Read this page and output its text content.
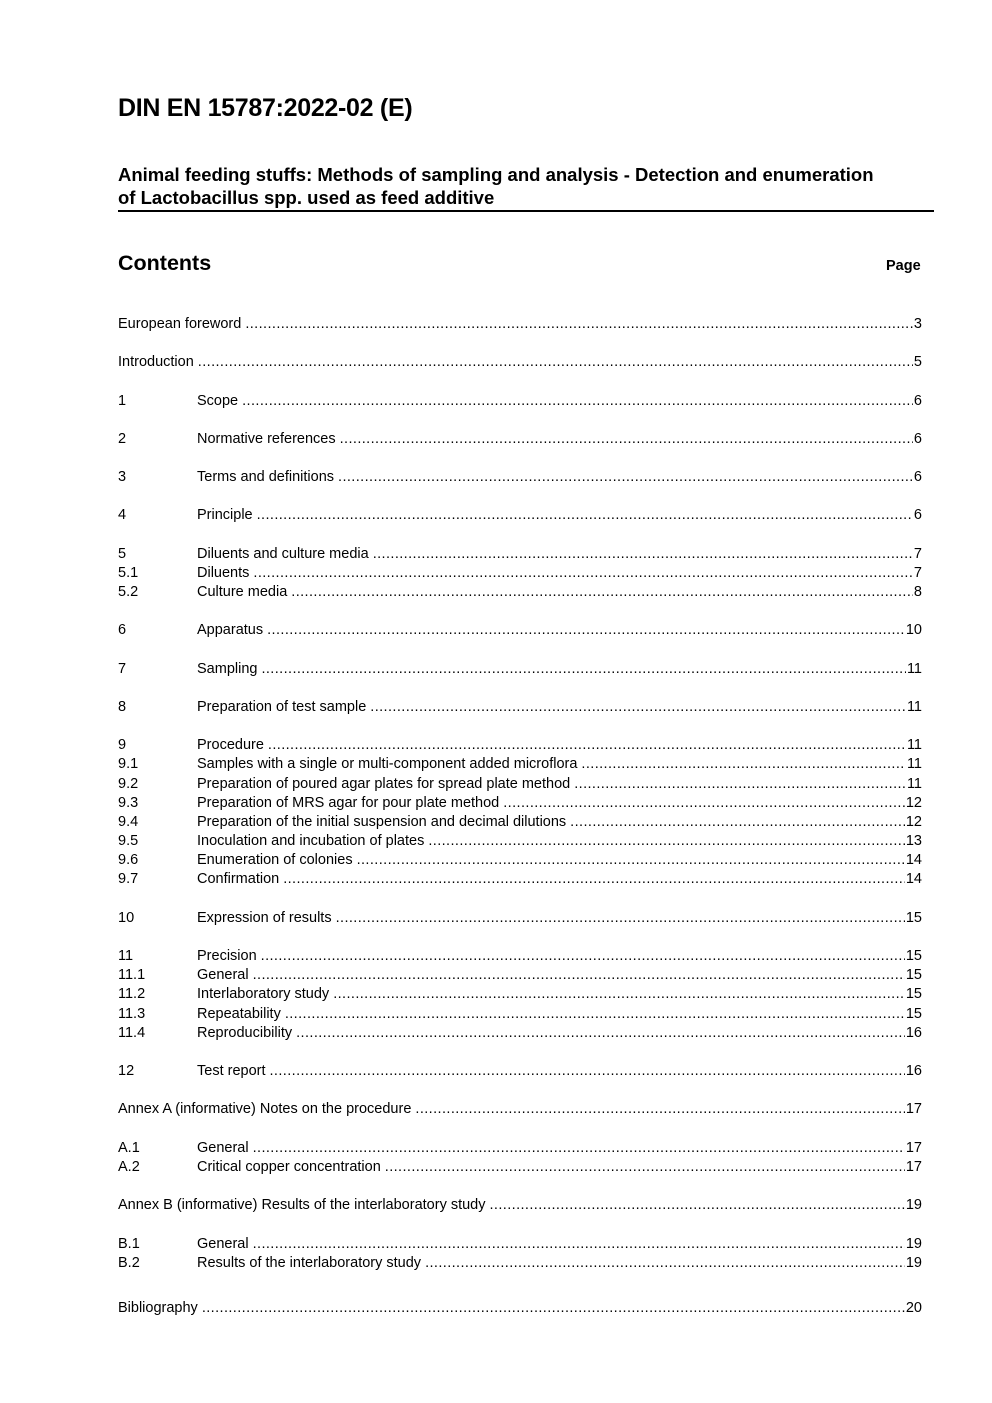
DIN EN 15787:2022-02 (E)
Animal feeding stuffs: Methods of sampling and analysis - Detection and enumeration
of Lactobacillus spp. used as feed additive
Contents	Page
European foreword .....	3
Introduction .....	5
1	Scope .....	6
2	Normative references .....	6
3	Terms and definitions .....	6
4	Principle .....	6
5	Diluents and culture media .....	7
5.1	Diluents .....	7
5.2	Culture media .....	8
6	Apparatus .....	10
7	Sampling .....	11
8	Preparation of test sample .....	11
9	Procedure .....	11
9.1	Samples with a single or multi-component added microflora .....	11
9.2	Preparation of poured agar plates for spread plate method .....	11
9.3	Preparation of MRS agar for pour plate method .....	12
9.4	Preparation of the initial suspension and decimal dilutions .....	12
9.5	Inoculation and incubation of plates .....	13
9.6	Enumeration of colonies .....	14
9.7	Confirmation .....	14
10	Expression of results .....	15
11	Precision .....	15
11.1	General .....	15
11.2	Interlaboratory study .....	15
11.3	Repeatability .....	15
11.4	Reproducibility .....	16
12	Test report .....	16
Annex A (informative) Notes on the procedure .....	17
A.1	General .....	17
A.2	Critical copper concentration .....	17
Annex B (informative) Results of the interlaboratory study .....	19
B.1	General .....	19
B.2	Results of the interlaboratory study .....	19
Bibliography .....	20
